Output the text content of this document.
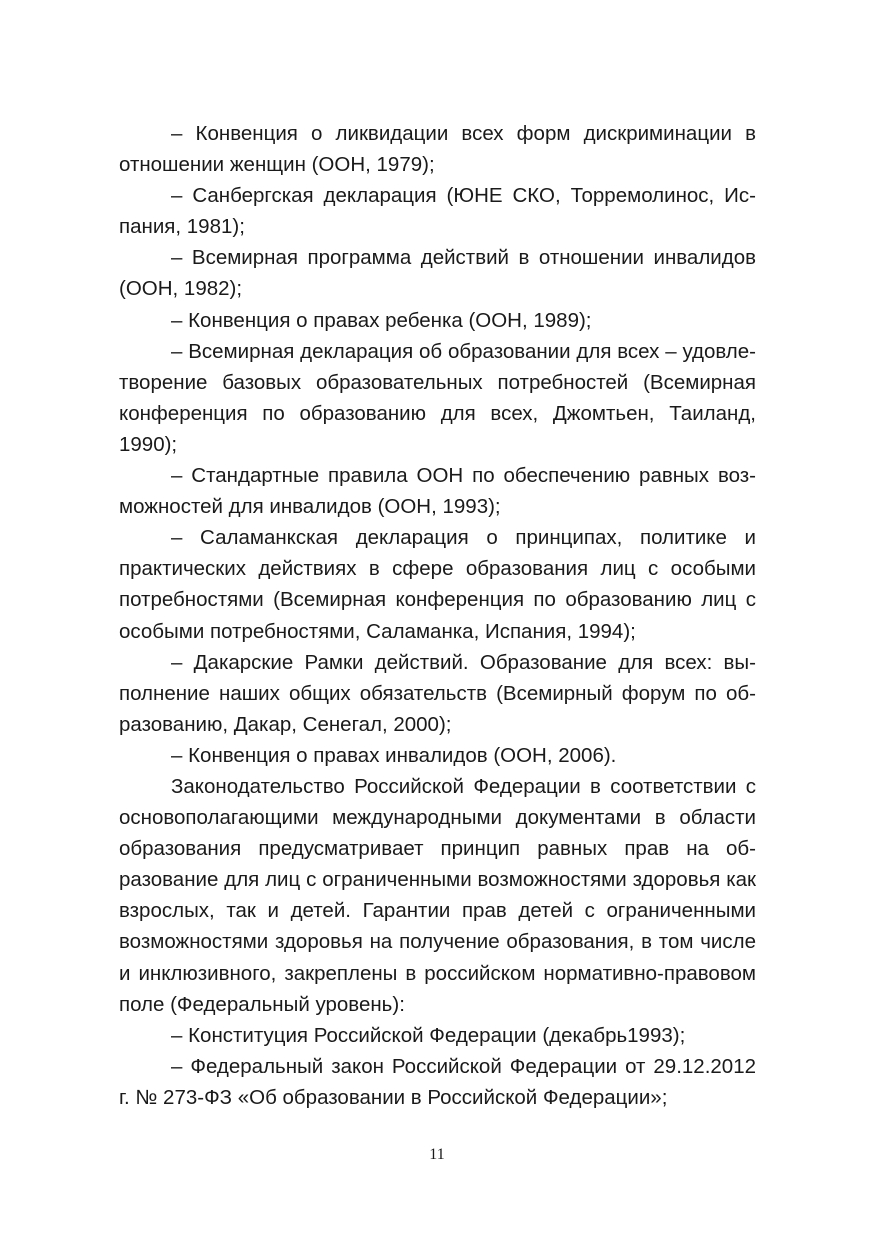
– Конвенция о ликвидации всех форм дискриминации в отношении женщин (ООН, 1979);

– Санбергская декларация (ЮНЕ СКО, Торремолинос, Испания, 1981);

– Всемирная программа действий в отношении инвалидов (ООН, 1982);

– Конвенция о правах ребенка (ООН, 1989);

– Всемирная декларация об образовании для всех – удовлетворение базовых образовательных потребностей (Всемирная конференция по образованию для всех, Джомтьен, Таиланд, 1990);

– Стандартные правила ООН по обеспечению равных возможностей для инвалидов (ООН, 1993);

– Саламанкская декларация о принципах, политике и практических действиях в сфере образования лиц с особыми потребностями (Всемирная конференция по образованию лиц с особыми потребностями, Саламанка, Испания, 1994);

– Дакарские Рамки действий. Образование для всех: выполнение наших общих обязательств (Всемирный форум по образованию, Дакар, Сенегал, 2000);

– Конвенция о правах инвалидов (ООН, 2006).

Законодательство Российской Федерации в соответствии с основополагающими международными документами в области образования предусматривает принцип равных прав на образование для лиц с ограниченными возможностями здоровья как взрослых, так и детей. Гарантии прав детей с ограниченными возможностями здоровья на получение образования, в том числе и инклюзивного, закреплены в российском нормативно-правовом поле (Федеральный уровень):

– Конституция Российской Федерации (декабрь1993);

– Федеральный закон Российской Федерации от 29.12.2012 г. № 273-ФЗ «Об образовании в Российской Федерации»;

11
